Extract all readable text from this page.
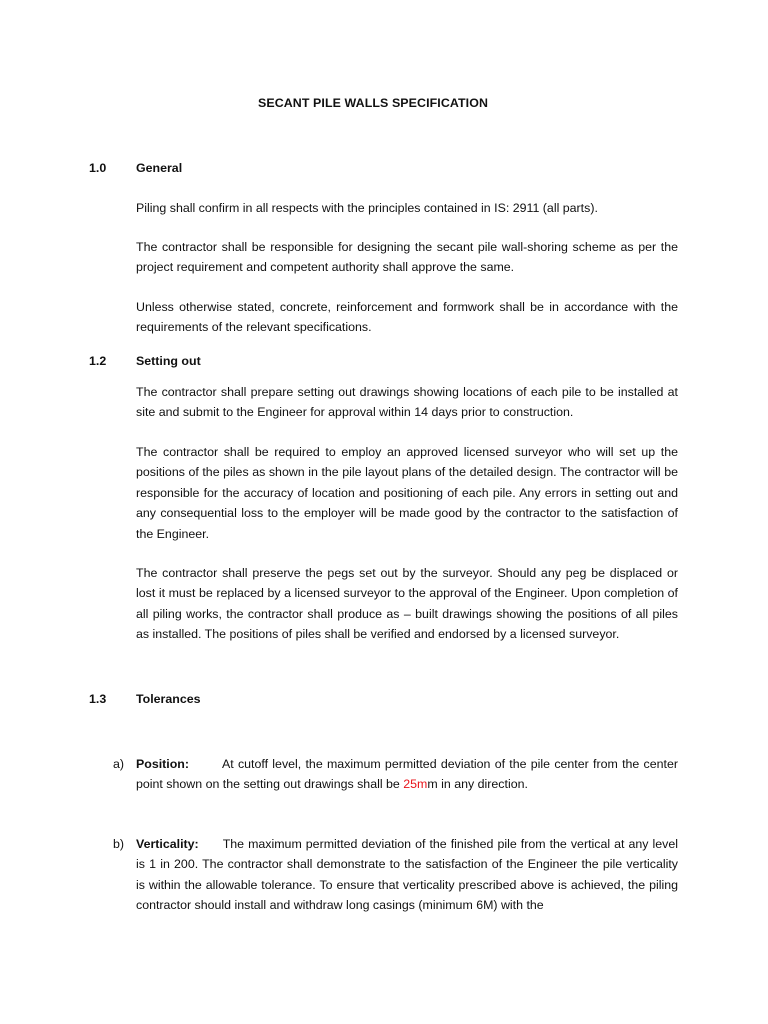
SECANT PILE WALLS SPECIFICATION
1.0 General

Piling shall confirm in all respects with the principles contained in IS: 2911 (all parts).

The contractor shall be responsible for designing the secant pile wall-shoring scheme as per the project requirement and competent authority shall approve the same.

Unless otherwise stated, concrete, reinforcement and formwork shall be in accordance with the requirements of the relevant specifications.

1.2 Setting out

The contractor shall prepare setting out drawings showing locations of each pile to be installed at site and submit to the Engineer for approval within 14 days prior to construction.

The contractor shall be required to employ an approved licensed surveyor who will set up the positions of the piles as shown in the pile layout plans of the detailed design. The contractor will be responsible for the accuracy of location and positioning of each pile. Any errors in setting out and any consequential loss to the employer will be made good by the contractor to the satisfaction of the Engineer.

The contractor shall preserve the pegs set out by the surveyor. Should any peg be displaced or lost it must be replaced by a licensed surveyor to the approval of the Engineer. Upon completion of all piling works, the contractor shall produce as – built drawings showing the positions of all piles as installed. The positions of piles shall be verified and endorsed by a licensed surveyor.

1.3 Tolerances
a) Position:	At cutoff level, the maximum permitted deviation of the pile center from the center point shown on the setting out drawings shall be 25mm in any direction.

b) Verticality: The maximum permitted deviation of the finished pile from the vertical at any level is 1 in 200. The contractor shall demonstrate to the satisfaction of the Engineer the pile verticality is within the allowable tolerance. To ensure that verticality prescribed above is achieved, the piling contractor should install and withdraw long casings (minimum 6M) with the
